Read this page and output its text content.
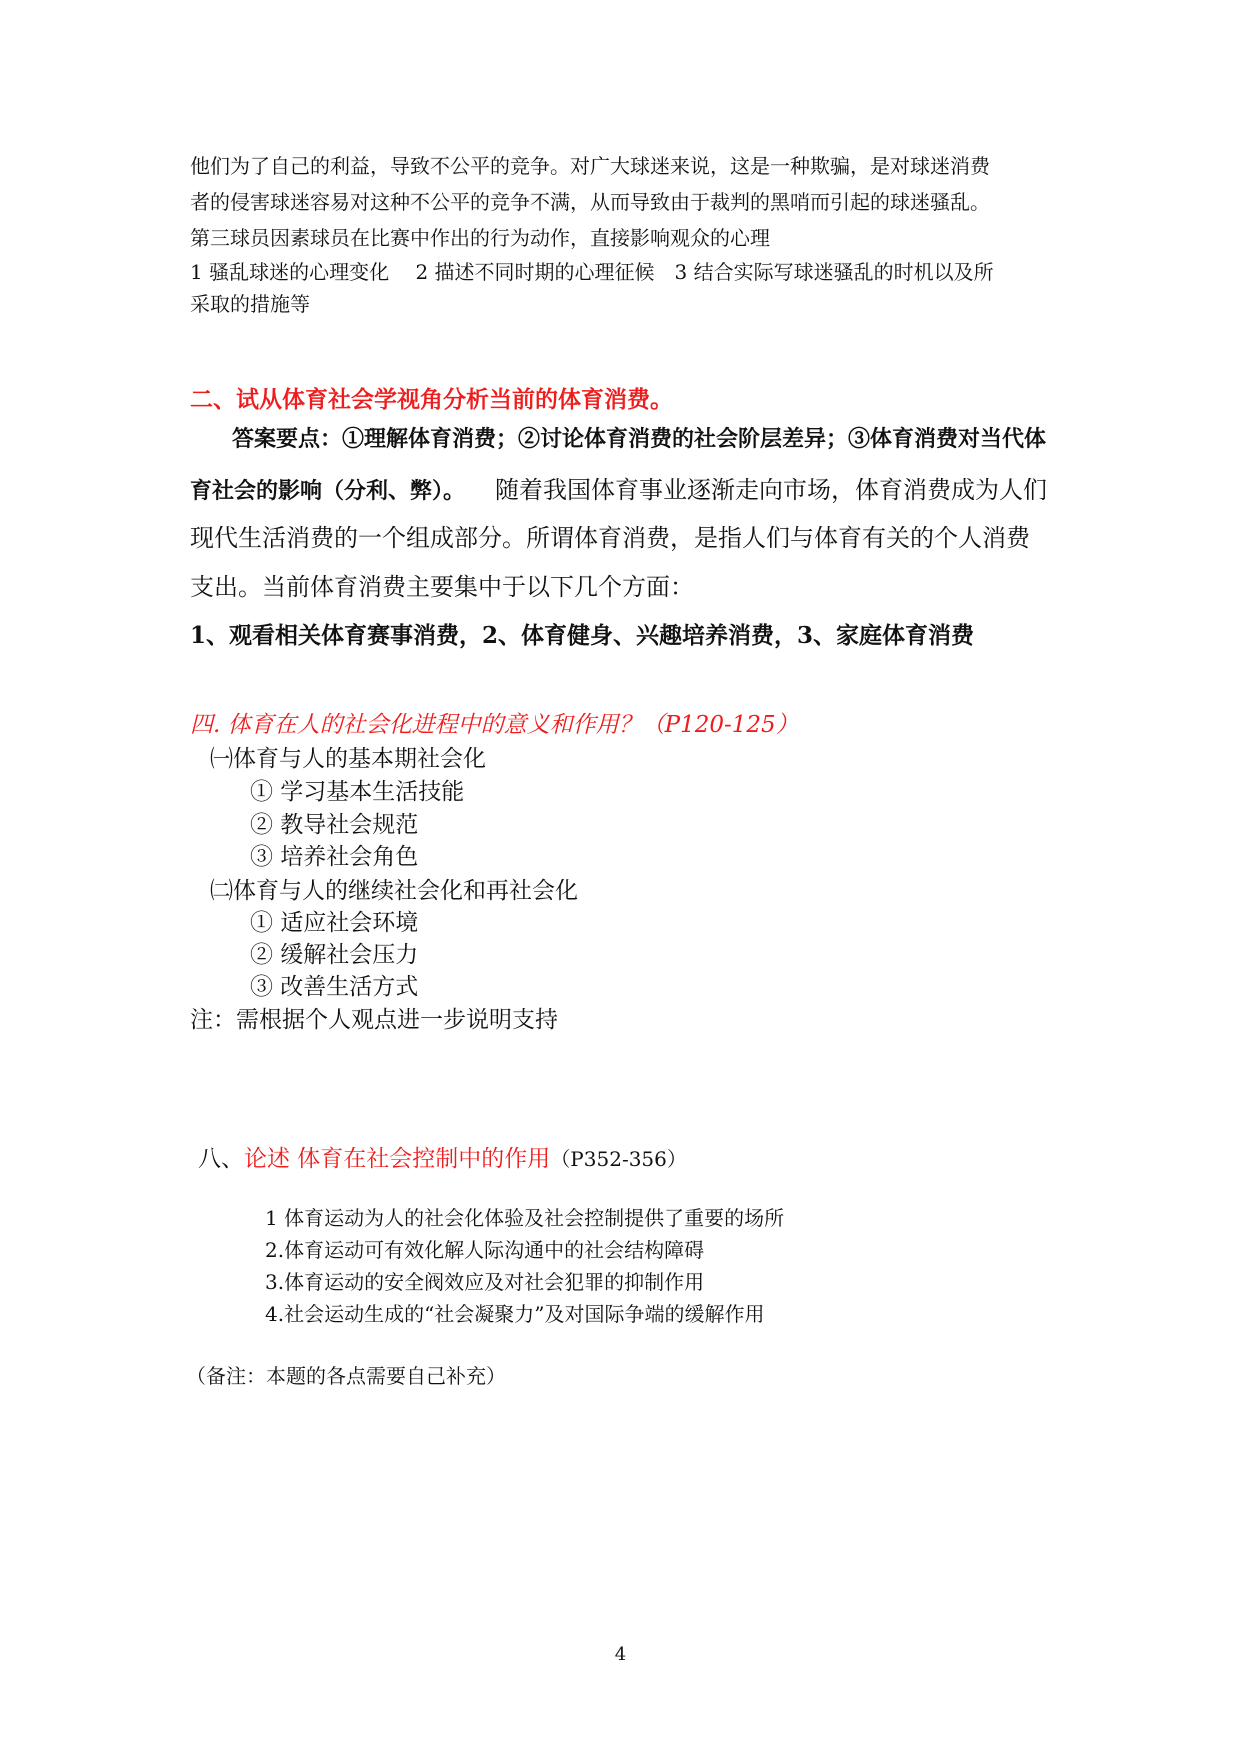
他们为了自己的利益，导致不公平的竞争。对广大球迷来说，这是一种欺骗，是对球迷消费
者的侵害球迷容易对这种不公平的竞争不满，从而导致由于裁判的黑哨而引起的球迷骚乱。
第三球员因素球员在比赛中作出的行为动作，直接影响观众的心理
1 骚乱球迷的心理变化　 2 描述不同时期的心理征候　3 结合实际写球迷骚乱的时机以及所
采取的措施等
二、试从体育社会学视角分析当前的体育消费。
答案要点：①理解体育消费；②讨论体育消费的社会阶层差异；③体育消费对当代体
育社会的影响（分利、弊）。 随着我国体育事业逐渐走向市场，体育消费成为人们
现代生活消费的一个组成部分。所谓体育消费，是指人们与体育有关的个人消费
支出。当前体育消费主要集中于以下几个方面：
1、观看相关体育赛事消费，2、体育健身、兴趣培养消费，3、家庭体育消费
四. 体育在人的社会化进程中的意义和作用？（P120-125）
㈠体育与人的基本期社会化
① 学习基本生活技能
② 教导社会规范
③ 培养社会角色
㈡体育与人的继续社会化和再社会化
① 适应社会环境
② 缓解社会压力
③ 改善生活方式
注：需根据个人观点进一步说明支持
八、论述 体育在社会控制中的作用（P352-356）
1 体育运动为人的社会化体验及社会控制提供了重要的场所
2.体育运动可有效化解人际沟通中的社会结构障碍
3.体育运动的安全阀效应及对社会犯罪的抑制作用
4.社会运动生成的“社会凝聚力”及对国际争端的缓解作用
（备注：本题的各点需要自己补充）
4
